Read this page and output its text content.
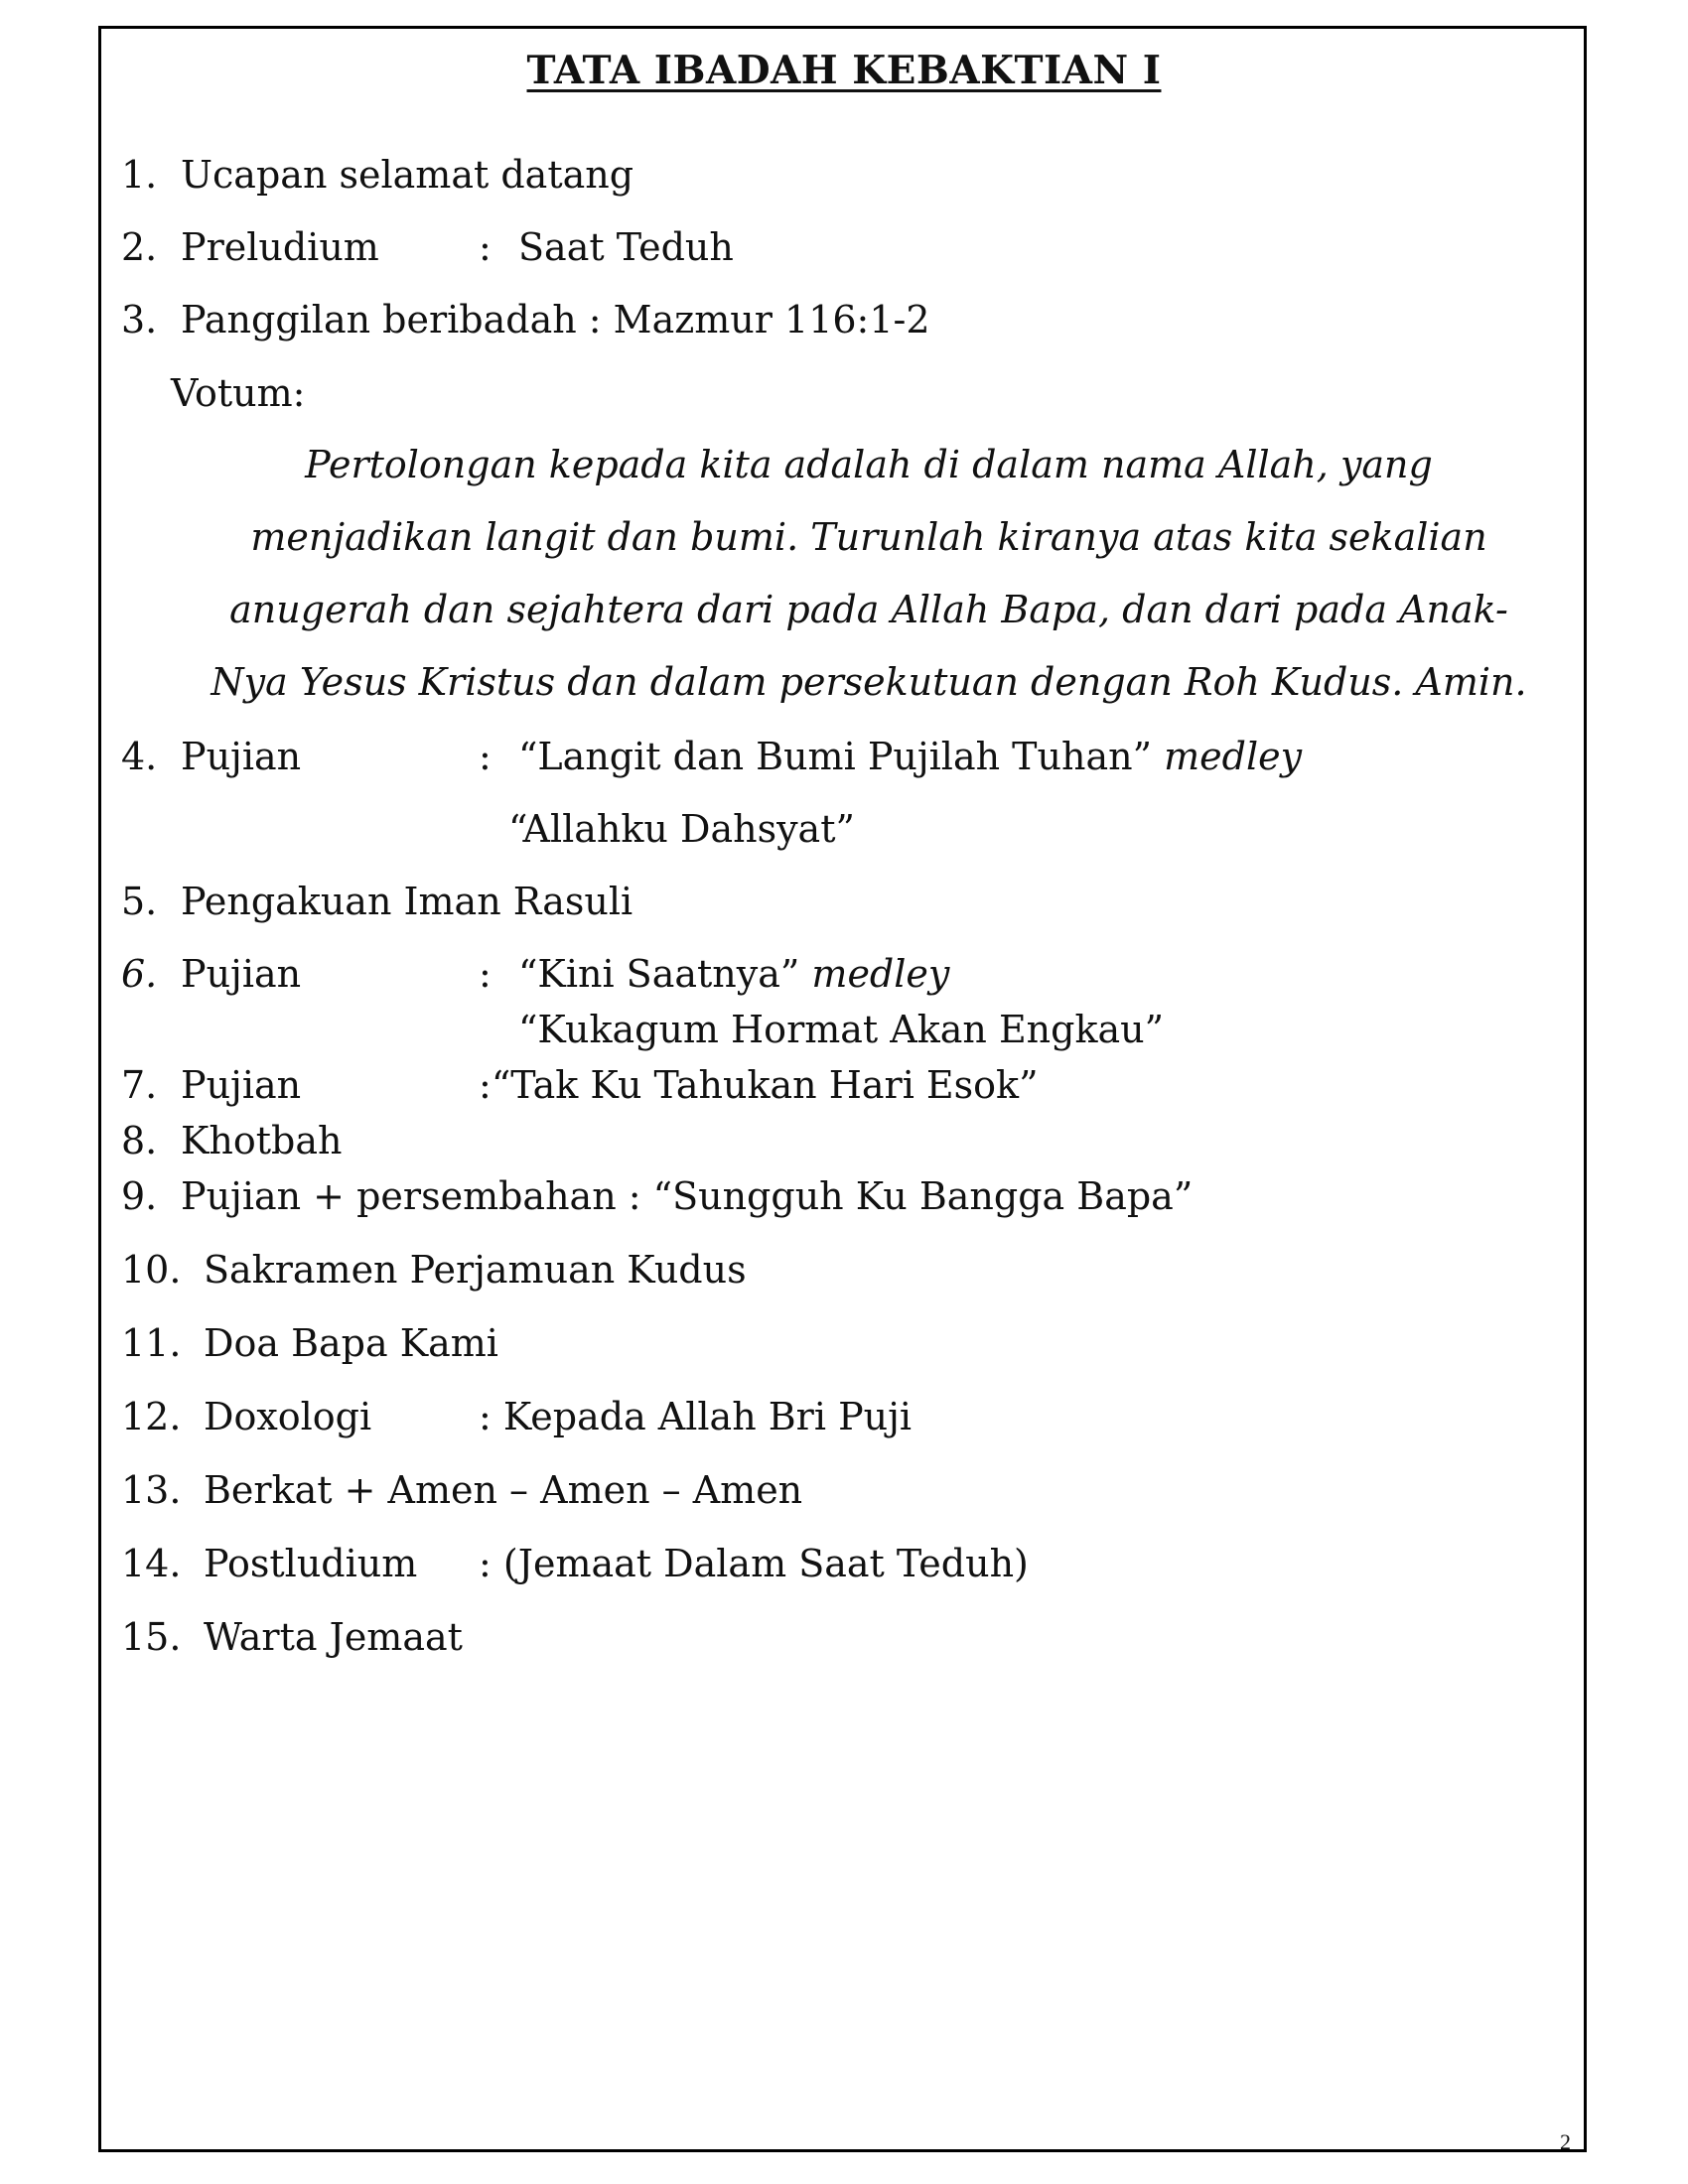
TATA IBADAH KEBAKTIAN I
1. Ucapan selamat datang
2. Preludium	: Saat Teduh
3. Panggilan beribadah : Mazmur 116:1-2
Votum:
Pertolongan kepada kita adalah di dalam nama Allah, yang
menjadikan langit dan bumi. Turunlah kiranya atas kita sekalian
anugerah dan sejahtera dari pada Allah Bapa, dan dari pada Anak-
Nya Yesus Kristus dan dalam persekutuan dengan Roh Kudus. Amin.
4. Pujian	: “Langit dan Bumi Pujilah Tuhan” medley
“Allahku Dahsyat”
5. Pengakuan Iman Rasuli
6. Pujian	: “Kini Saatnya” medley
“Kukagum Hormat Akan Engkau”
7. Pujian	:“Tak Ku Tahukan Hari Esok”
8. Khotbah
9. Pujian + persembahan : “Sungguh Ku Bangga Bapa”
10. Sakramen Perjamuan Kudus
11. Doa Bapa Kami
12. Doxologi	: Kepada Allah Bri Puji
13. Berkat + Amen – Amen – Amen
14. Postludium : (Jemaat Dalam Saat Teduh)
15. Warta Jemaat
2
